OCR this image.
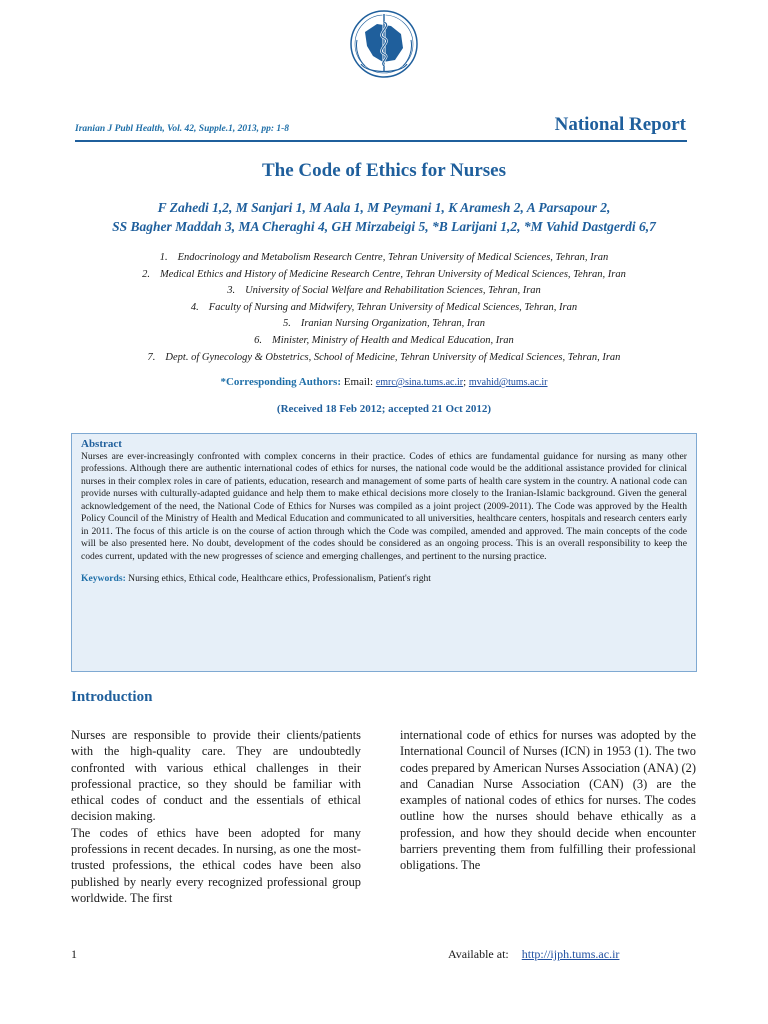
Iranian J Publ Health, Vol. 42, Supple.1, 2013, pp: 1-8	National Report
The Code of Ethics for Nurses
F Zahedi 1,2, M Sanjari 1, M Aala 1, M Peymani 1, K Aramesh 2, A Parsapour 2,
SS Bagher Maddah 3, MA Cheraghi 4, GH Mirzabeigi 5, *B Larijani 1,2, *M Vahid Dastgerdi 6,7
1. Endocrinology and Metabolism Research Centre, Tehran University of Medical Sciences, Tehran, Iran
2. Medical Ethics and History of Medicine Research Centre, Tehran University of Medical Sciences, Tehran, Iran
3. University of Social Welfare and Rehabilitation Sciences, Tehran, Iran
4. Faculty of Nursing and Midwifery, Tehran University of Medical Sciences, Tehran, Iran
5. Iranian Nursing Organization, Tehran, Iran
6. Minister, Ministry of Health and Medical Education, Iran
7. Dept. of Gynecology & Obstetrics, School of Medicine, Tehran University of Medical Sciences, Tehran, Iran
*Corresponding Authors: Email: emrc@sina.tums.ac.ir; mvahid@tums.ac.ir
(Received 18 Feb 2012; accepted 21 Oct 2012)
Abstract
Nurses are ever-increasingly confronted with complex concerns in their practice. Codes of ethics are fundamental guidance for nursing as many other professions. Although there are authentic international codes of ethics for nurses, the national code would be the additional assistance provided for clinical nurses in their complex roles in care of patients, education, research and management of some parts of health care system in the country. A national code can provide nurses with culturally-adapted guidance and help them to make ethical decisions more closely to the Iranian-Islamic background. Given the general acknowledgement of the need, the National Code of Ethics for Nurses was compiled as a joint project (2009-2011). The Code was approved by the Health Policy Council of the Ministry of Health and Medical Education and communicated to all universities, healthcare centers, hospitals and research centers early in 2011. The focus of this article is on the course of action through which the Code was compiled, amended and approved. The main concepts of the code will be also presented here. No doubt, development of the codes should be considered as an ongoing process. This is an overall responsibility to keep the codes current, updated with the new progresses of science and emerging challenges, and pertinent to the nursing practice.
Keywords: Nursing ethics, Ethical code, Healthcare ethics, Professionalism, Patient's right
Introduction

Nurses are responsible to provide their clients/patients with the high-quality care. They are undoubtedly confronted with various ethical challenges in their professional practice, so they should be familiar with ethical codes of conduct and the essentials of ethical decision making.

The codes of ethics have been adopted for many professions in recent decades. In nursing, as one the most-trusted professions, the ethical codes have been also published by nearly every recognized professional group worldwide. The first

international code of ethics for nurses was adopted by the International Council of Nurses (ICN) in 1953 (1). The two codes prepared by American Nurses Association (ANA) (2) and Canadian Nurse Association (CAN) (3) are the examples of national codes of ethics for nurses. The codes outline how the nurses should behave ethically as a profession, and how they should decide when encounter barriers preventing them from fulfilling their professional obligations. The

1	Available at: http://ijph.tums.ac.ir
